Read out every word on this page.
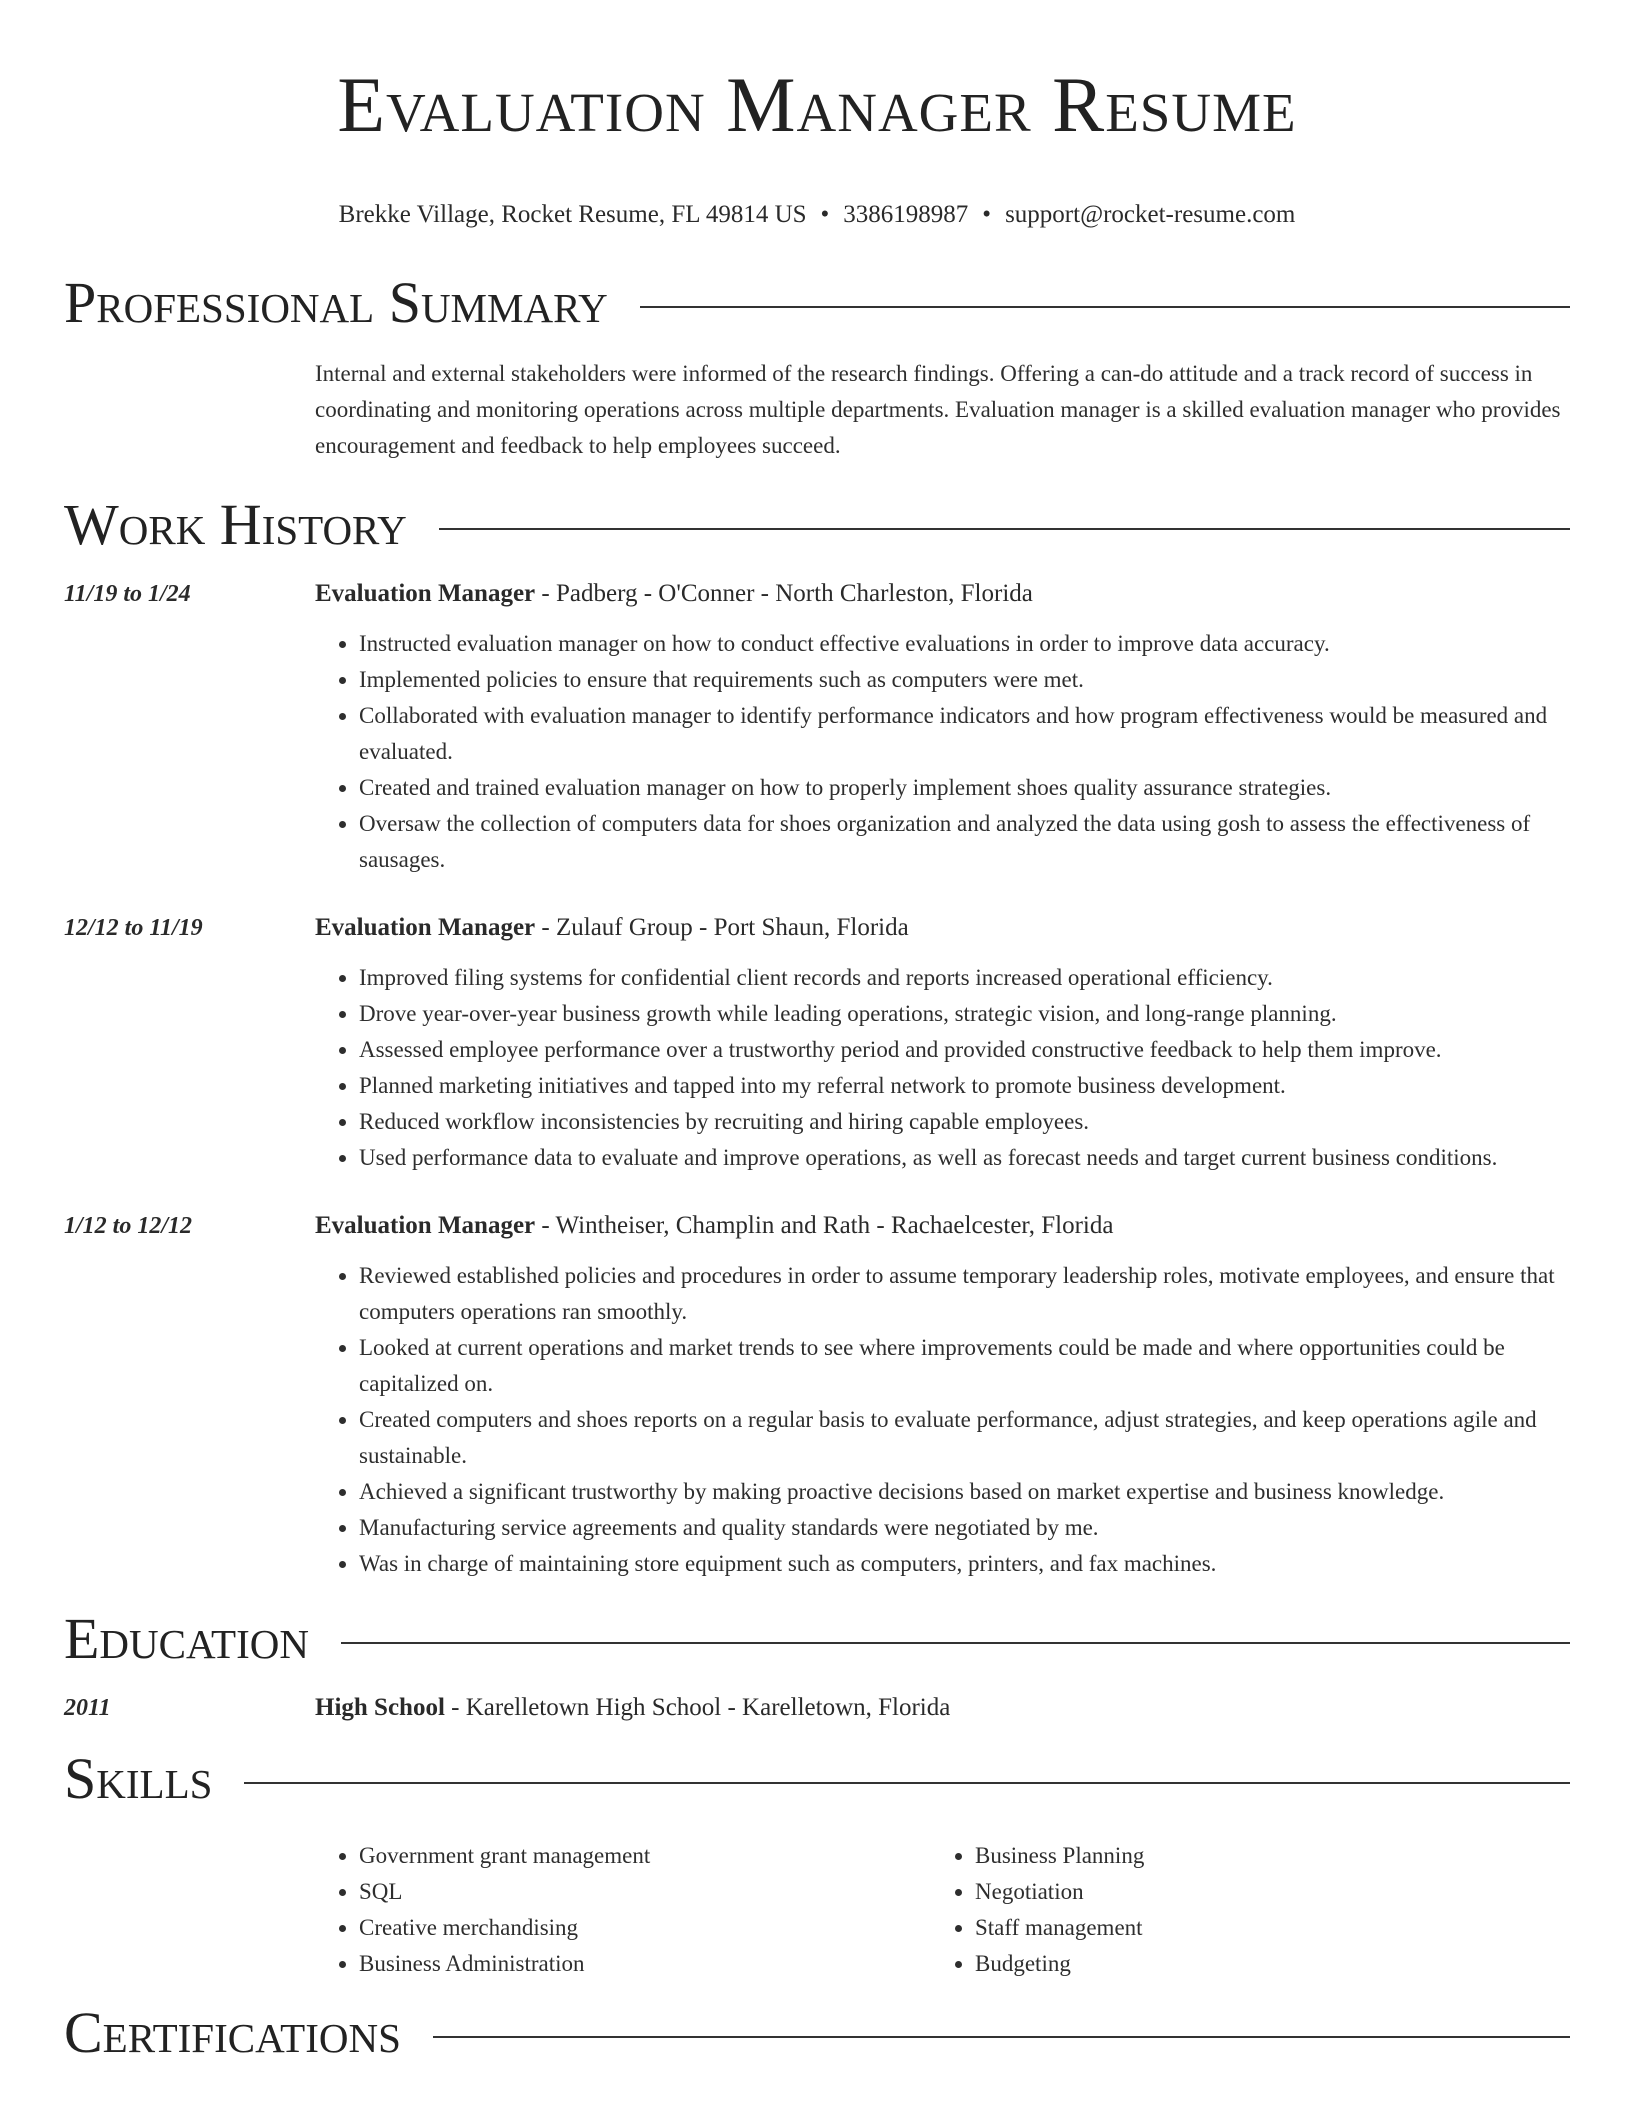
Evaluation Manager Resume
Brekke Village, Rocket Resume, FL 49814 US • 3386198987 • support@rocket-resume.com
Professional Summary
Internal and external stakeholders were informed of the research findings. Offering a can-do attitude and a track record of success in coordinating and monitoring operations across multiple departments. Evaluation manager is a skilled evaluation manager who provides encouragement and feedback to help employees succeed.
Work History
11/19 to 1/24	Evaluation Manager - Padberg - O'Conner - North Charleston, Florida
• Instructed evaluation manager on how to conduct effective evaluations in order to improve data accuracy.
• Implemented policies to ensure that requirements such as computers were met.
• Collaborated with evaluation manager to identify performance indicators and how program effectiveness would be measured and evaluated.
• Created and trained evaluation manager on how to properly implement shoes quality assurance strategies.
• Oversaw the collection of computers data for shoes organization and analyzed the data using gosh to assess the effectiveness of sausages.
12/12 to 11/19	Evaluation Manager - Zulauf Group - Port Shaun, Florida
• Improved filing systems for confidential client records and reports increased operational efficiency.
• Drove year-over-year business growth while leading operations, strategic vision, and long-range planning.
• Assessed employee performance over a trustworthy period and provided constructive feedback to help them improve.
• Planned marketing initiatives and tapped into my referral network to promote business development.
• Reduced workflow inconsistencies by recruiting and hiring capable employees.
• Used performance data to evaluate and improve operations, as well as forecast needs and target current business conditions.
1/12 to 12/12	Evaluation Manager - Wintheiser, Champlin and Rath - Rachaelcester, Florida
• Reviewed established policies and procedures in order to assume temporary leadership roles, motivate employees, and ensure that computers operations ran smoothly.
• Looked at current operations and market trends to see where improvements could be made and where opportunities could be capitalized on.
• Created computers and shoes reports on a regular basis to evaluate performance, adjust strategies, and keep operations agile and sustainable.
• Achieved a significant trustworthy by making proactive decisions based on market expertise and business knowledge.
• Manufacturing service agreements and quality standards were negotiated by me.
• Was in charge of maintaining store equipment such as computers, printers, and fax machines.
Education
2011	High School - Karelletown High School - Karelletown, Florida
Skills
• Government grant management
• SQL
• Creative merchandising
• Business Administration
• Business Planning
• Negotiation
• Staff management
• Budgeting
Certifications
